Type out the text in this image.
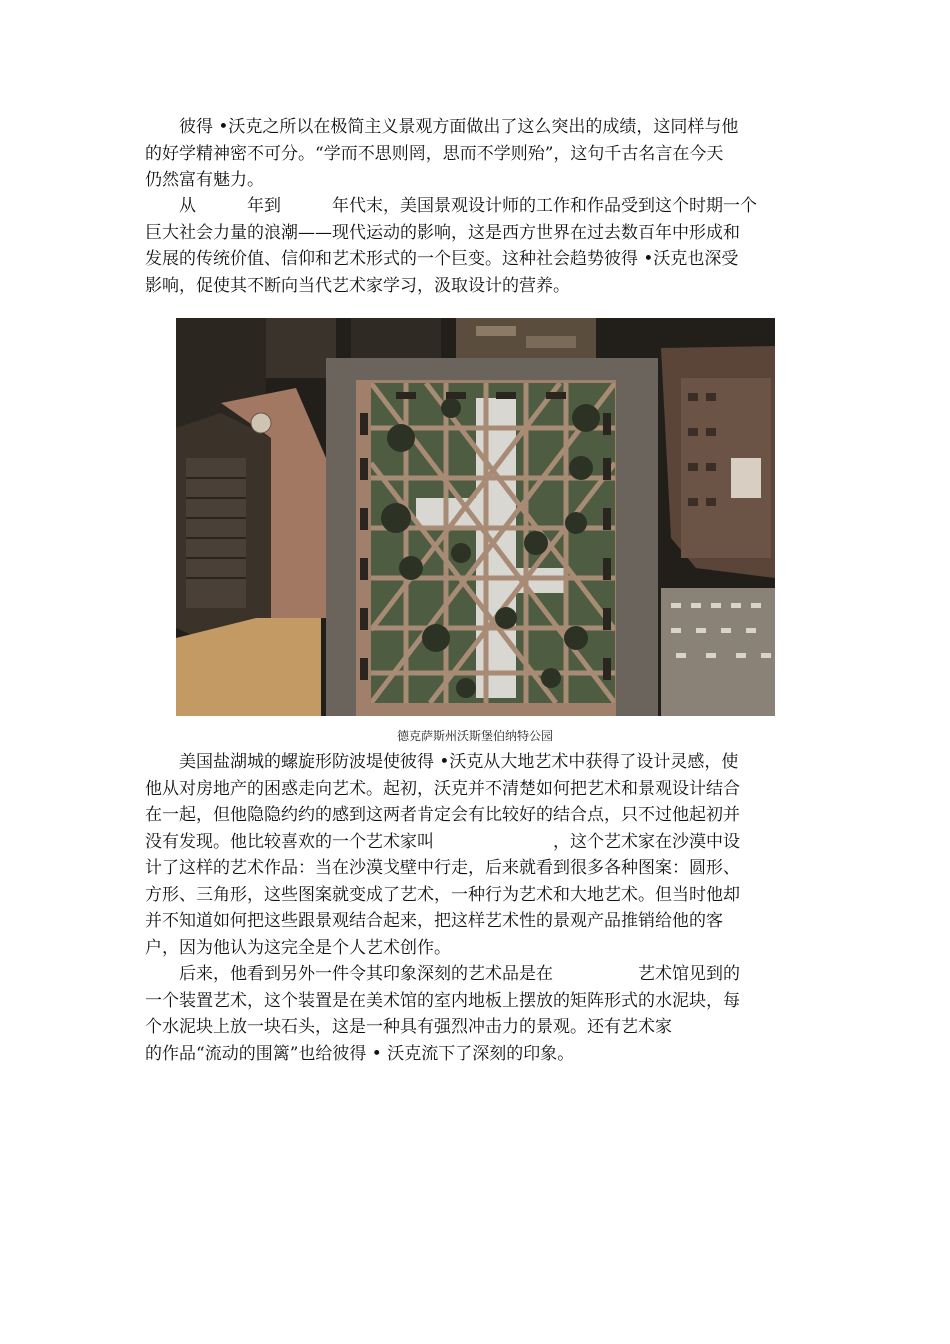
　　彼得 •沃克之所以在极简主义景观方面做出了这么突出的成绩，这同样与他
的好学精神密不可分。“学而不思则罔，思而不学则殆”，这句千古名言在今天
仍然富有魅力。
　　从　　　年到　　　年代末，美国景观设计师的工作和作品受到这个时期一个
巨大社会力量的浪潮——现代运动的影响，这是西方世界在过去数百年中形成和
发展的传统价值、信仰和艺术形式的一个巨变。这种社会趋势彼得 •沃克也深受
影响，促使其不断向当代艺术家学习，汲取设计的营养。
德克萨斯州沃斯堡伯纳特公园
　　美国盐湖城的螺旋形防波堤使彼得 •沃克从大地艺术中获得了设计灵感，使
他从对房地产的困惑走向艺术。起初，沃克并不清楚如何把艺术和景观设计结合
在一起，但他隐隐约约的感到这两者肯定会有比较好的结合点，只不过他起初并
没有发现。他比较喜欢的一个艺术家叫　　　　　　　，这个艺术家在沙漠中设
计了这样的艺术作品：当在沙漠戈壁中行走，后来就看到很多各种图案：圆形、
方形、三角形，这些图案就变成了艺术，一种行为艺术和大地艺术。但当时他却
并不知道如何把这些跟景观结合起来，把这样艺术性的景观产品推销给他的客
户，因为他认为这完全是个人艺术创作。
　　后来，他看到另外一件令其印象深刻的艺术品是在　　　　　艺术馆见到的
一个装置艺术，这个装置是在美术馆的室内地板上摆放的矩阵形式的水泥块，每
个水泥块上放一块石头，这是一种具有强烈冲击力的景观。还有艺术家
的作品“流动的围篱”也给彼得 • 沃克流下了深刻的印象。
